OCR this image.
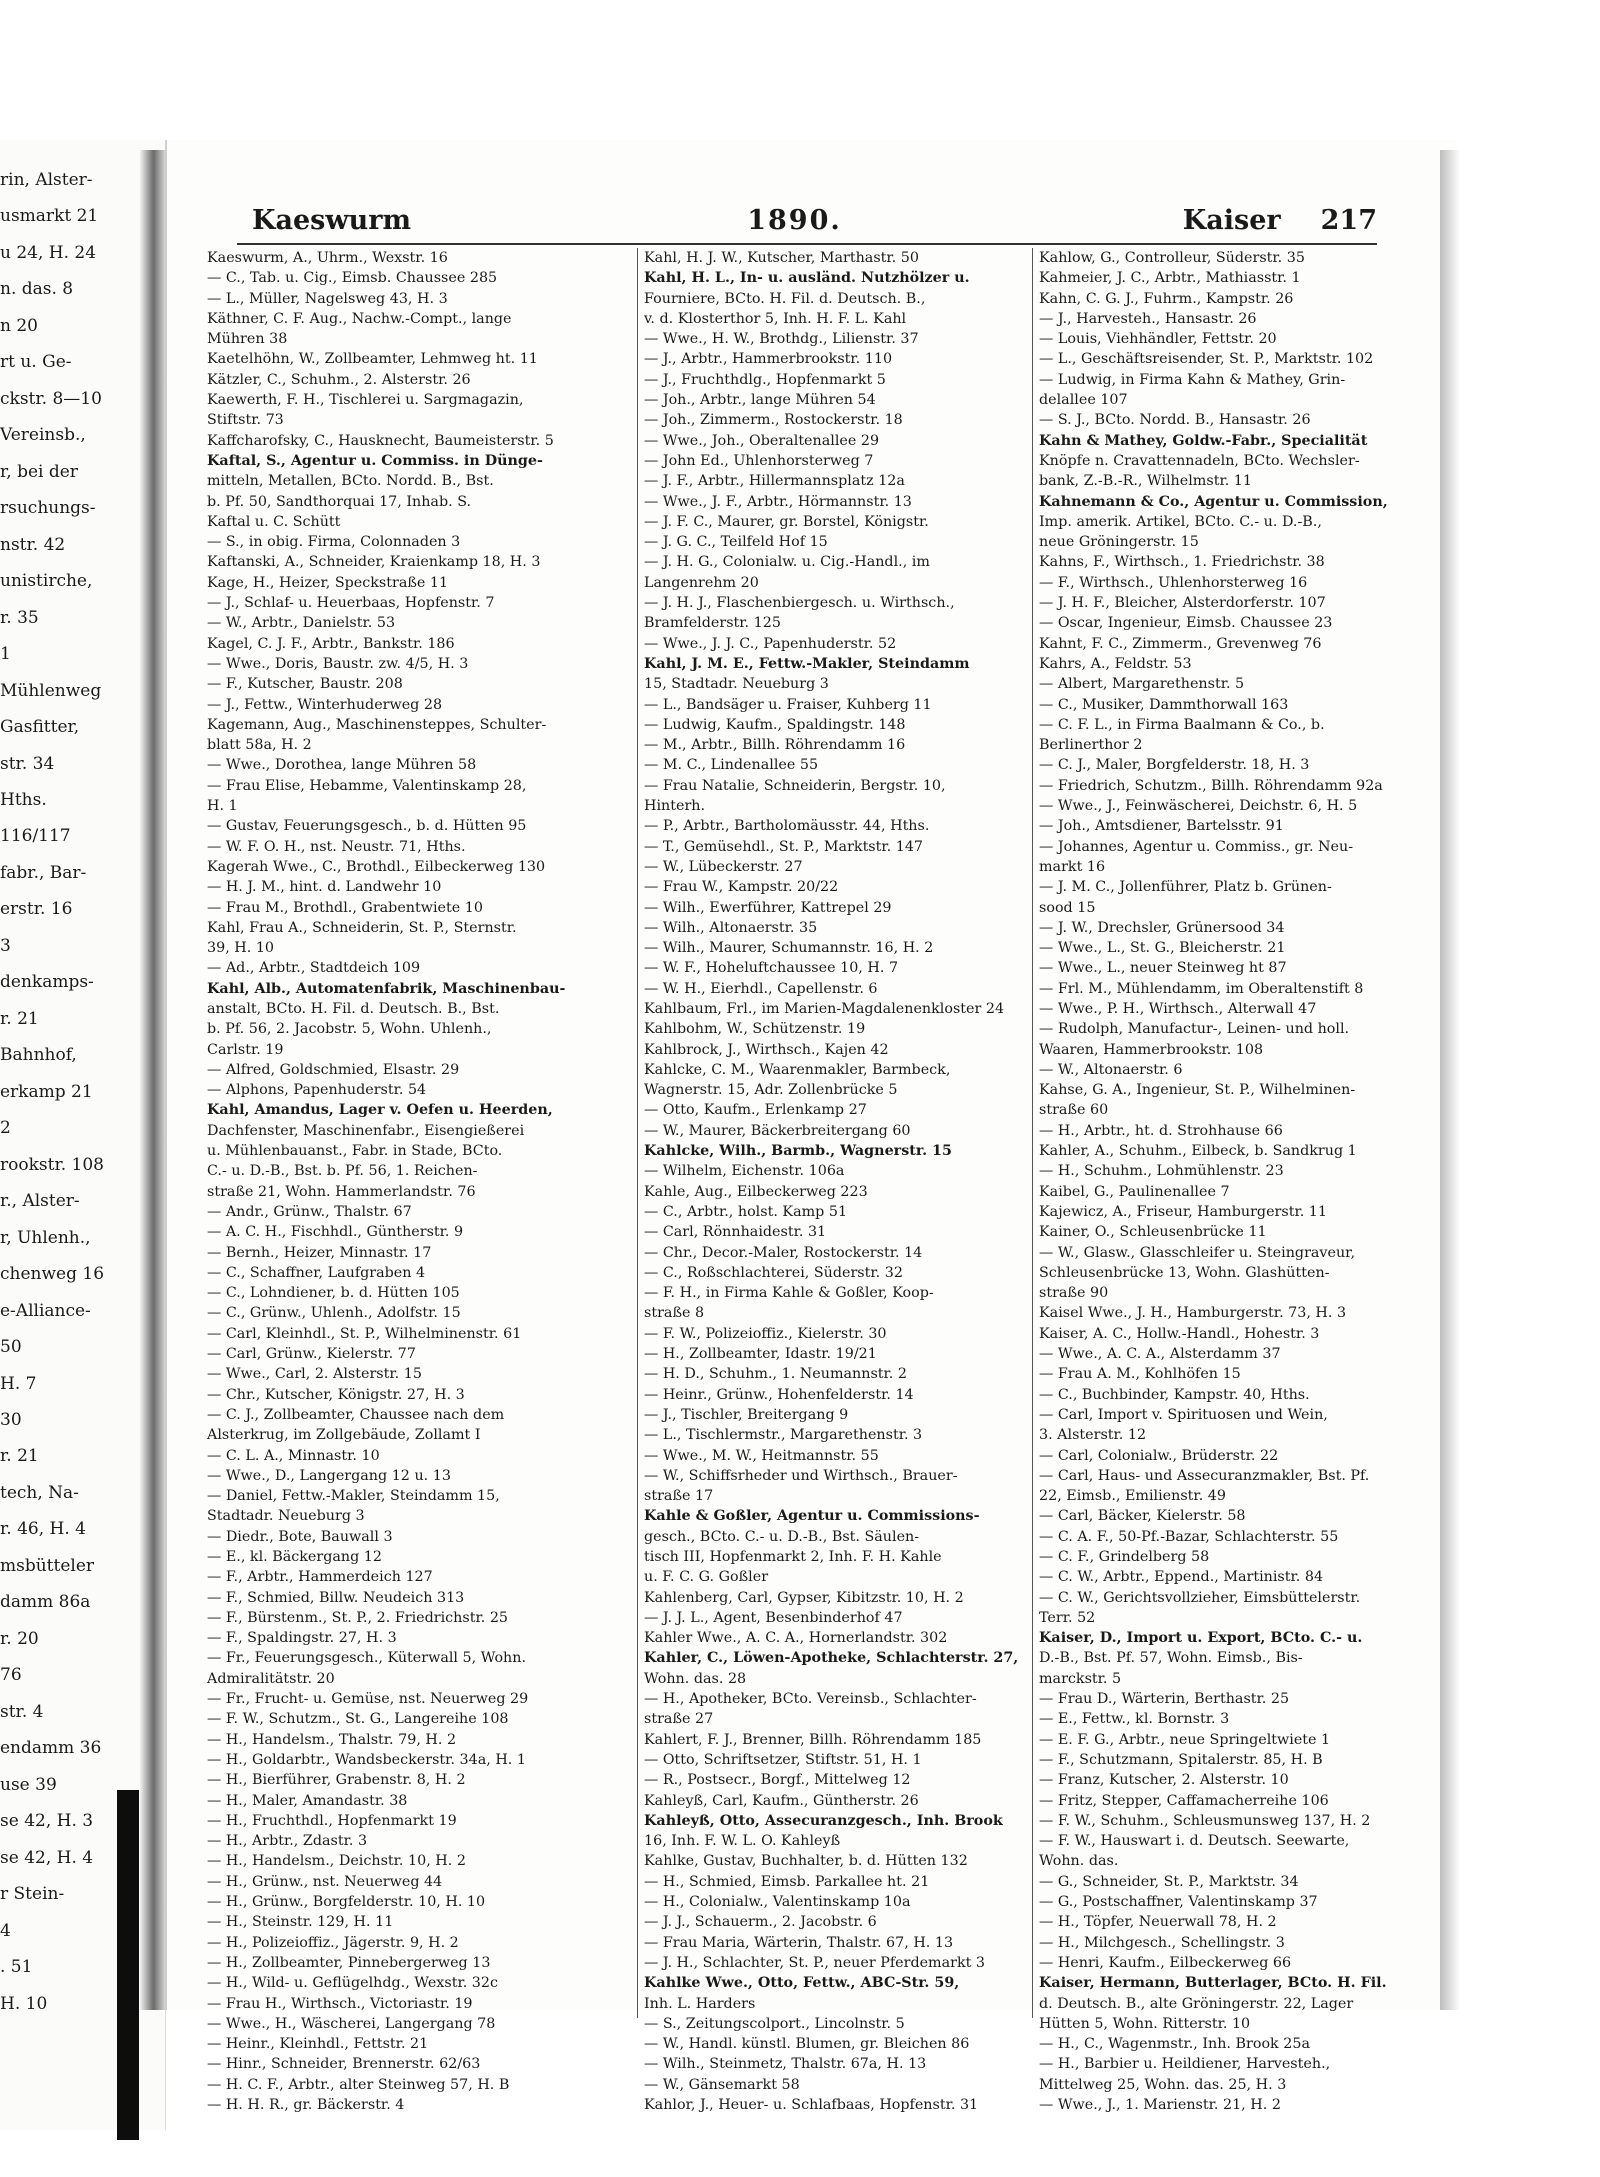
rin, Alster-
usmarkt 21
u 24, H. 24
n. das. 8
n 20
rt u. Ge-
ckstr. 8—10
Vereinsb.,
r, bei der
rsuchungs-
nstr. 42
unistirche,
r. 35
1
Mühlenweg
Gasfitter,
str. 34
Hths.
116/117
fabr., Bar-
erstr. 16
3
denkamps-
r. 21
Bahnhof,
erkamp 21
2
rookstr. 108
r., Alster-
r, Uhlenh.,
chenweg 16
e-Alliance-
50
H. 7
30
r. 21
tech, Na-
r. 46, H. 4
msbütteler
damm 86a
r. 20
76
str. 4
endamm 36
use 39
se 42, H. 3
se 42, H. 4
r Stein-
4
. 51
H. 10
Kaeswurm	1890.	Kaiser 217
Kaeswurm, A., Uhrm., Wexstr. 16
— C., Tab. u. Cig., Eimsb. Chaussee 285
— L., Müller, Nagelsweg 43, H. 3
Käthner, C. F. Aug., Nachw.-Compt., lange
Mühren 38
Kaetelhöhn, W., Zollbeamter, Lehmweg ht. 11
Kätzler, C., Schuhm., 2. Alsterstr. 26
Kaewerth, F. H., Tischlerei u. Sargmagazin,
Stiftstr. 73
Kaffcharofsky, C., Hausknecht, Baumeisterstr. 5
Kaftal, S., Agentur u. Commiss. in Dünge-
mitteln, Metallen, BCto. Nordd. B., Bst.
b. Pf. 50, Sandthorquai 17, Inhab. S.
Kaftal u. C. Schütt
— S., in obig. Firma, Colonnaden 3
Kaftanski, A., Schneider, Kraienkamp 18, H. 3
Kage, H., Heizer, Speckstraße 11
— J., Schlaf- u. Heuerbaas, Hopfenstr. 7
— W., Arbtr., Danielstr. 53
Kagel, C. J. F., Arbtr., Bankstr. 186
— Wwe., Doris, Baustr. zw. 4/5, H. 3
— F., Kutscher, Baustr. 208
— J., Fettw., Winterhuderweg 28
Kagemann, Aug., Maschinensteppes, Schulter-
blatt 58a, H. 2
— Wwe., Dorothea, lange Mühren 58
— Frau Elise, Hebamme, Valentinskamp 28,
H. 1
— Gustav, Feuerungsgesch., b. d. Hütten 95
— W. F. O. H., nst. Neustr. 71, Hths.
Kagerah Wwe., C., Brothdl., Eilbeckerweg 130
— H. J. M., hint. d. Landwehr 10
— Frau M., Brothdl., Grabentwiete 10
Kahl, Frau A., Schneiderin, St. P., Sternstr.
39, H. 10
— Ad., Arbtr., Stadtdeich 109
Kahl, Alb., Automatenfabrik, Maschinenbau-
anstalt, BCto. H. Fil. d. Deutsch. B., Bst.
b. Pf. 56, 2. Jacobstr. 5, Wohn. Uhlenh.,
Carlstr. 19
— Alfred, Goldschmied, Elsastr. 29
— Alphons, Papenhuderstr. 54
Kahl, Amandus, Lager v. Oefen u. Heerden,
Dachfenster, Maschinenfabr., Eisengießerei
u. Mühlenbauanst., Fabr. in Stade, BCto.
C.- u. D.-B., Bst. b. Pf. 56, 1. Reichen-
straße 21, Wohn. Hammerlandstr. 76
— Andr., Grünw., Thalstr. 67
— A. C. H., Fischhdl., Güntherstr. 9
— Bernh., Heizer, Minnastr. 17
— C., Schaffner, Laufgraben 4
— C., Lohndiener, b. d. Hütten 105
— C., Grünw., Uhlenh., Adolfstr. 15
— Carl, Kleinhdl., St. P., Wilhelminenstr. 61
— Carl, Grünw., Kielerstr. 77
— Wwe., Carl, 2. Alsterstr. 15
— Chr., Kutscher, Königstr. 27, H. 3
— C. J., Zollbeamter, Chaussee nach dem
Alsterkrug, im Zollgebäude, Zollamt I
— C. L. A., Minnastr. 10
— Wwe., D., Langergang 12 u. 13
— Daniel, Fettw.-Makler, Steindamm 15,
Stadtadr. Neueburg 3
— Diedr., Bote, Bauwall 3
— E., kl. Bäckergang 12
— F., Arbtr., Hammerdeich 127
— F., Schmied, Billw. Neudeich 313
— F., Bürstenm., St. P., 2. Friedrichstr. 25
— F., Spaldingstr. 27, H. 3
— Fr., Feuerungsgesch., Küterwall 5, Wohn.
Admiralitätstr. 20
— Fr., Frucht- u. Gemüse, nst. Neuerweg 29
— F. W., Schutzm., St. G., Langereihe 108
— H., Handelsm., Thalstr. 79, H. 2
— H., Goldarbtr., Wandsbeckerstr. 34a, H. 1
— H., Bierführer, Grabenstr. 8, H. 2
— H., Maler, Amandastr. 38
— H., Fruchthdl., Hopfenmarkt 19
— H., Arbtr., Zdastr. 3
— H., Handelsm., Deichstr. 10, H. 2
— H., Grünw., nst. Neuerweg 44
— H., Grünw., Borgfelderstr. 10, H. 10
— H., Steinstr. 129, H. 11
— H., Polizeioffiz., Jägerstr. 9, H. 2
— H., Zollbeamter, Pinnebergerweg 13
— H., Wild- u. Geflügelhdg., Wexstr. 32c
— Frau H., Wirthsch., Victoriastr. 19
— Wwe., H., Wäscherei, Langergang 78
— Heinr., Kleinhdl., Fettstr. 21
— Hinr., Schneider, Brennerstr. 62/63
— H. C. F., Arbtr., alter Steinweg 57, H. B
— H. H. R., gr. Bäckerstr. 4
Kahl, H. J. W., Kutscher, Marthastr. 50
Kahl, H. L., In- u. ausländ. Nutzhölzer u.
Fourniere, BCto. H. Fil. d. Deutsch. B.,
v. d. Klosterthor 5, Inh. H. F. L. Kahl
— Wwe., H. W., Brothdg., Lilienstr. 37
— J., Arbtr., Hammerbrookstr. 110
— J., Fruchthdlg., Hopfenmarkt 5
— Joh., Arbtr., lange Mühren 54
— Joh., Zimmerm., Rostockerstr. 18
— Wwe., Joh., Oberaltenallee 29
— John Ed., Uhlenhorsterweg 7
— J. F., Arbtr., Hillermannsplatz 12a
— Wwe., J. F., Arbtr., Hörmannstr. 13
— J. F. C., Maurer, gr. Borstel, Königstr.
— J. G. C., Teilfeld Hof 15
— J. H. G., Colonialw. u. Cig.-Handl., im
Langenrehm 20
— J. H. J., Flaschenbiergesch. u. Wirthsch.,
Bramfelderstr. 125
— Wwe., J. J. C., Papenhuderstr. 52
Kahl, J. M. E., Fettw.-Makler, Steindamm
15, Stadtadr. Neueburg 3
— L., Bandsäger u. Fraiser, Kuhberg 11
— Ludwig, Kaufm., Spaldingstr. 148
— M., Arbtr., Billh. Röhrendamm 16
— M. C., Lindenallee 55
— Frau Natalie, Schneiderin, Bergstr. 10,
Hinterh.
— P., Arbtr., Bartholomäusstr. 44, Hths.
— T., Gemüsehdl., St. P., Marktstr. 147
— W., Lübeckerstr. 27
— Frau W., Kampstr. 20/22
— Wilh., Ewerführer, Kattrepel 29
— Wilh., Altonaerstr. 35
— Wilh., Maurer, Schumannstr. 16, H. 2
— W. F., Hoheluftchaussee 10, H. 7
— W. H., Eierhdl., Capellenstr. 6
Kahlbaum, Frl., im Marien-Magdalenenkloster 24
Kahlbohm, W., Schützenstr. 19
Kahlbrock, J., Wirthsch., Kajen 42
Kahlcke, C. M., Waarenmakler, Barmbeck,
Wagnerstr. 15, Adr. Zollenbrücke 5
— Otto, Kaufm., Erlenkamp 27
— W., Maurer, Bäckerbreitergang 60
Kahlcke, Wilh., Barmb., Wagnerstr. 15
— Wilhelm, Eichenstr. 106a
Kahle, Aug., Eilbeckerweg 223
— C., Arbtr., holst. Kamp 51
— Carl, Rönnhaidestr. 31
— Chr., Decor.-Maler, Rostockerstr. 14
— C., Roßschlachterei, Süderstr. 32
— F. H., in Firma Kahle & Goßler, Koop-
straße 8
— F. W., Polizeioffiz., Kielerstr. 30
— H., Zollbeamter, Idastr. 19/21
— H. D., Schuhm., 1. Neumannstr. 2
— Heinr., Grünw., Hohenfelderstr. 14
— J., Tischler, Breitergang 9
— L., Tischlermstr., Margarethenstr. 3
— Wwe., M. W., Heitmannstr. 55
— W., Schiffsrheder und Wirthsch., Brauer-
straße 17
Kahle & Goßler, Agentur u. Commissions-
gesch., BCto. C.- u. D.-B., Bst. Säulen-
tisch III, Hopfenmarkt 2, Inh. F. H. Kahle
u. F. C. G. Goßler
Kahlenberg, Carl, Gypser, Kibitzstr. 10, H. 2
— J. J. L., Agent, Besenbinderhof 47
Kahler Wwe., A. C. A., Hornerlandstr. 302
Kahler, C., Löwen-Apotheke, Schlachterstr. 27,
Wohn. das. 28
— H., Apotheker, BCto. Vereinsb., Schlachter-
straße 27
Kahlert, F. J., Brenner, Billh. Röhrendamm 185
— Otto, Schriftsetzer, Stiftstr. 51, H. 1
— R., Postsecr., Borgf., Mittelweg 12
Kahleyß, Carl, Kaufm., Güntherstr. 26
Kahleyß, Otto, Assecuranzgesch., Inh. Brook
16, Inh. F. W. L. O. Kahleyß
Kahlke, Gustav, Buchhalter, b. d. Hütten 132
— H., Schmied, Eimsb. Parkallee ht. 21
— H., Colonialw., Valentinskamp 10a
— J. J., Schauerm., 2. Jacobstr. 6
— Frau Maria, Wärterin, Thalstr. 67, H. 13
— J. H., Schlachter, St. P., neuer Pferdemarkt 3
Kahlke Wwe., Otto, Fettw., ABC-Str. 59,
Inh. L. Harders
— S., Zeitungscolport., Lincolnstr. 5
— W., Handl. künstl. Blumen, gr. Bleichen 86
— Wilh., Steinmetz, Thalstr. 67a, H. 13
— W., Gänsemarkt 58
Kahlor, J., Heuer- u. Schlafbaas, Hopfenstr. 31
Kahlow, G., Controlleur, Süderstr. 35
Kahmeier, J. C., Arbtr., Mathiasstr. 1
Kahn, C. G. J., Fuhrm., Kampstr. 26
— J., Harvestеh., Hansastr. 26
— Louis, Viehhändler, Fettstr. 20
— L., Geschäftsreisender, St. P., Marktstr. 102
— Ludwig, in Firma Kahn & Mathey, Grin-
delallee 107
— S. J., BCto. Nordd. B., Hansastr. 26
Kahn & Mathey, Goldw.-Fabr., Specialität
Knöpfe n. Cravattennadeln, BCto. Wechsler-
bank, Z.-B.-R., Wilhelmstr. 11
Kahnemann & Co., Agentur u. Commission,
Imp. amerik. Artikel, BCto. C.- u. D.-B.,
neue Gröningerstr. 15
Kahns, F., Wirthsch., 1. Friedrichstr. 38
— F., Wirthsch., Uhlenhorsterweg 16
— J. H. F., Bleicher, Alsterdorferstr. 107
— Oscar, Ingenieur, Eimsb. Chaussee 23
Kahnt, F. C., Zimmerm., Grevenweg 76
Kahrs, A., Feldstr. 53
— Albert, Margarethenstr. 5
— C., Musiker, Dammthorwall 163
— C. F. L., in Firma Baalmann & Co., b.
Berlinerthor 2
— C. J., Maler, Borgfelderstr. 18, H. 3
— Friedrich, Schutzm., Billh. Röhrendamm 92a
— Wwe., J., Feinwäscherei, Deichstr. 6, H. 5
— Joh., Amtsdiener, Bartelsstr. 91
— Johannes, Agentur u. Commiss., gr. Neu-
markt 16
— J. M. C., Jollenführer, Platz b. Grünen-
sood 15
— J. W., Drechsler, Grünersood 34
— Wwe., L., St. G., Bleicherstr. 21
— Wwe., L., neuer Steinweg ht 87
— Frl. M., Mühlendamm, im Oberaltenstift 8
— Wwe., P. H., Wirthsch., Alterwall 47
— Rudolph, Manufactur-, Leinen- und holl.
Waaren, Hammerbrookstr. 108
— W., Altonaerstr. 6
Kahse, G. A., Ingenieur, St. P., Wilhelminen-
straße 60
— H., Arbtr., ht. d. Strohhause 66
Kahler, A., Schuhm., Eilbeck, b. Sandkrug 1
— H., Schuhm., Lohmühlenstr. 23
Kaibel, G., Paulinenallee 7
Kajewicz, A., Friseur, Hamburgerstr. 11
Kainer, O., Schleusenbrücke 11
— W., Glasw., Glasschleifer u. Steingraveur,
Schleusenbrücke 13, Wohn. Glashütten-
straße 90
Kaisel Wwe., J. H., Hamburgerstr. 73, H. 3
Kaiser, A. C., Hollw.-Handl., Hohestr. 3
— Wwe., A. C. A., Alsterdamm 37
— Frau A. M., Kohlhöfen 15
— C., Buchbinder, Kampstr. 40, Hths.
— Carl, Import v. Spirituosen und Wein,
3. Alsterstr. 12
— Carl, Colonialw., Brüderstr. 22
— Carl, Haus- und Assecuranzmakler, Bst. Pf.
22, Eimsb., Emilienstr. 49
— Carl, Bäcker, Kielerstr. 58
— C. A. F., 50-Pf.-Bazar, Schlachterstr. 55
— C. F., Grindelberg 58
— C. W., Arbtr., Eppend., Martinistr. 84
— C. W., Gerichtsvollzieher, Eimsbüttelerstr.
Terr. 52
Kaiser, D., Import u. Export, BCto. C.- u.
D.-B., Bst. Pf. 57, Wohn. Eimsb., Bis-
marckstr. 5
— Frau D., Wärterin, Berthastr. 25
— E., Fettw., kl. Bornstr. 3
— E. F. G., Arbtr., neue Springeltwiete 1
— F., Schutzmann, Spitalerstr. 85, H. B
— Franz, Kutscher, 2. Alsterstr. 10
— Fritz, Stepper, Caffamacherreihe 106
— F. W., Schuhm., Schleusmunsweg 137, H. 2
— F. W., Hauswart i. d. Deutsch. Seewarte,
Wohn. das.
— G., Schneider, St. P., Marktstr. 34
— G., Postschaffner, Valentinskamp 37
— H., Töpfer, Neuerwall 78, H. 2
— H., Milchgesch., Schellingstr. 3
— Henri, Kaufm., Eilbeckerweg 66
Kaiser, Hermann, Butterlager, BCto. H. Fil.
d. Deutsch. B., alte Gröningerstr. 22, Lager
Hütten 5, Wohn. Ritterstr. 10
— H., C., Wagenmstr., Inh. Brook 25a
— H., Barbier u. Heildiener, Harvestеh.,
Mittelweg 25, Wohn. das. 25, H. 3
— Wwe., J., 1. Marienstr. 21, H. 2
